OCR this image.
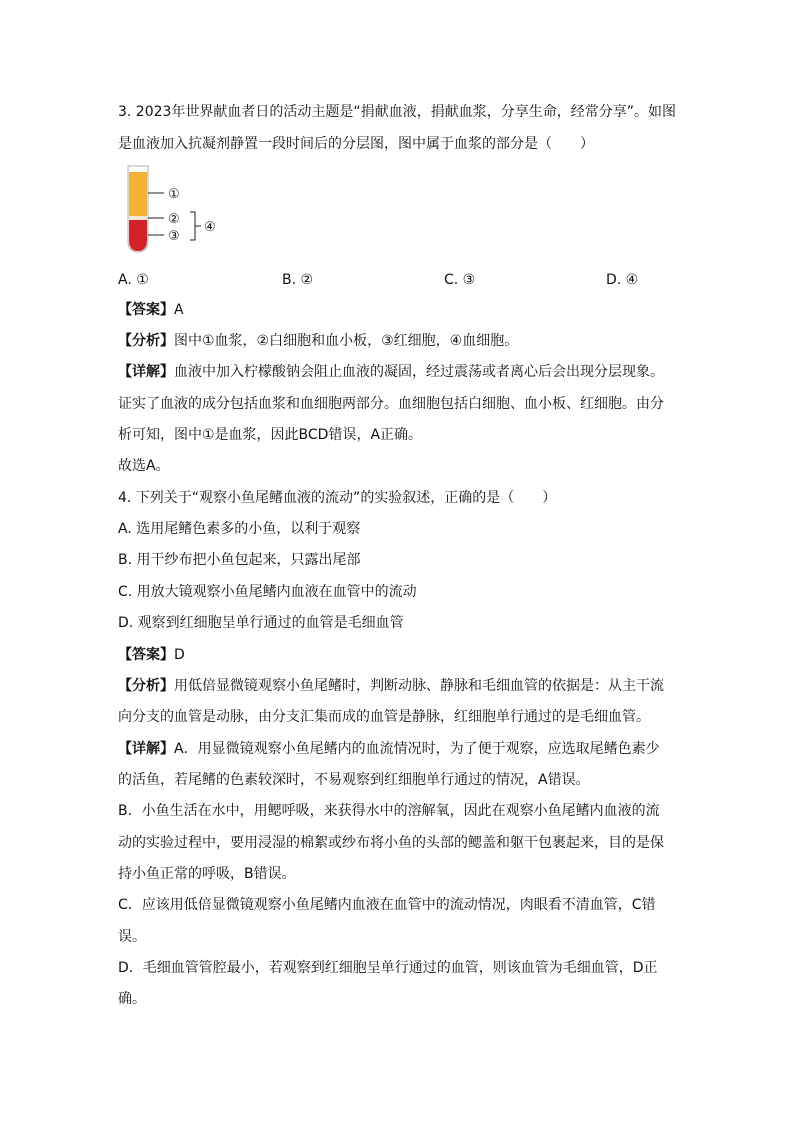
3. 2023年世界献血者日的活动主题是“捐献血液，捐献血浆，分享生命，经常分享”。如图
是血液加入抗凝剂静置一段时间后的分层图，图中属于血浆的部分是（　　）
①
②
③
④
A. ①	B. ②	C. ③	D. ④
【答案】A
【分析】图中①血浆，②白细胞和血小板，③红细胞，④血细胞。
【详解】血液中加入柠檬酸钠会阻止血液的凝固，经过震荡或者离心后会出现分层现象。
证实了血液的成分包括血浆和血细胞两部分。血细胞包括白细胞、血小板、红细胞。由分
析可知，图中①是血浆，因此BCD错误，A正确。
故选A。
4. 下列关于“观察小鱼尾鳍血液的流动”的实验叙述，正确的是（　　）
A. 选用尾鳍色素多的小鱼，以利于观察
B. 用干纱布把小鱼包起来，只露出尾部
C. 用放大镜观察小鱼尾鳍内血液在血管中的流动
D. 观察到红细胞呈单行通过的血管是毛细血管
【答案】D
【分析】用低倍显微镜观察小鱼尾鳍时，判断动脉、静脉和毛细血管的依据是：从主干流
向分支的血管是动脉，由分支汇集而成的血管是静脉，红细胞单行通过的是毛细血管。
【详解】A．用显微镜观察小鱼尾鳍内的血流情况时，为了便于观察，应选取尾鳍色素少
的活鱼，若尾鳍的色素较深时，不易观察到红细胞单行通过的情况，A错误。
B．小鱼生活在水中，用鳃呼吸，来获得水中的溶解氧，因此在观察小鱼尾鳍内血液的流
动的实验过程中，要用浸湿的棉絮或纱布将小鱼的头部的鳃盖和躯干包裹起来，目的是保
持小鱼正常的呼吸，B错误。
C．应该用低倍显微镜观察小鱼尾鳍内血液在血管中的流动情况，肉眼看不清血管，C错
误。
D．毛细血管管腔最小，若观察到红细胞呈单行通过的血管，则该血管为毛细血管，D正
确。
